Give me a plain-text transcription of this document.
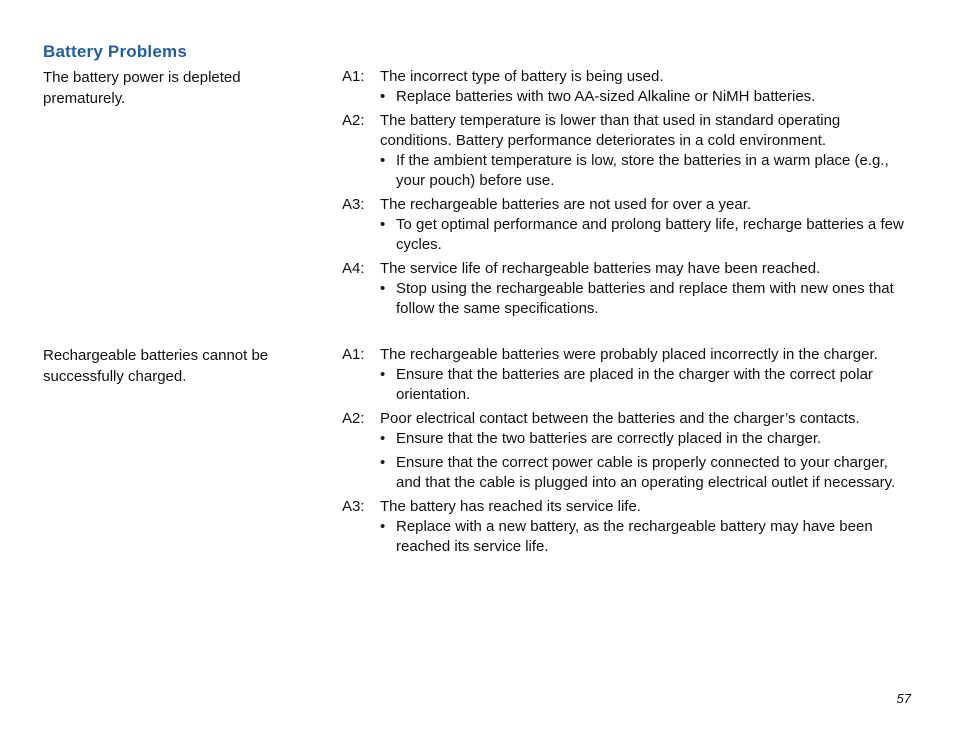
Battery Problems
The battery power is depleted prematurely.
A1:	The incorrect type of battery is being used.
• Replace batteries with two AA-sized Alkaline or NiMH batteries.
A2:	The battery temperature is lower than that used in standard operating conditions. Battery performance deteriorates in a cold environment.
• If the ambient temperature is low, store the batteries in a warm place (e.g., your pouch) before use.
A3:	The rechargeable batteries are not used for over a year.
• To get optimal performance and prolong battery life, recharge batteries a few cycles.
A4:	The service life of rechargeable batteries may have been reached.
• Stop using the rechargeable batteries and replace them with new ones that follow the same specifications.
Rechargeable batteries cannot be successfully charged.
A1:	The rechargeable batteries were probably placed incorrectly in the charger.
• Ensure that the batteries are placed in the charger with the correct polar orientation.
A2:	Poor electrical contact between the batteries and the charger’s contacts.
• Ensure that the two batteries are correctly placed in the charger.
• Ensure that the correct power cable is properly connected to your charger, and that the cable is plugged into an operating electrical outlet if necessary.
A3:	The battery has reached its service life.
• Replace with a new battery, as the rechargeable battery may have been reached its service life.
57
